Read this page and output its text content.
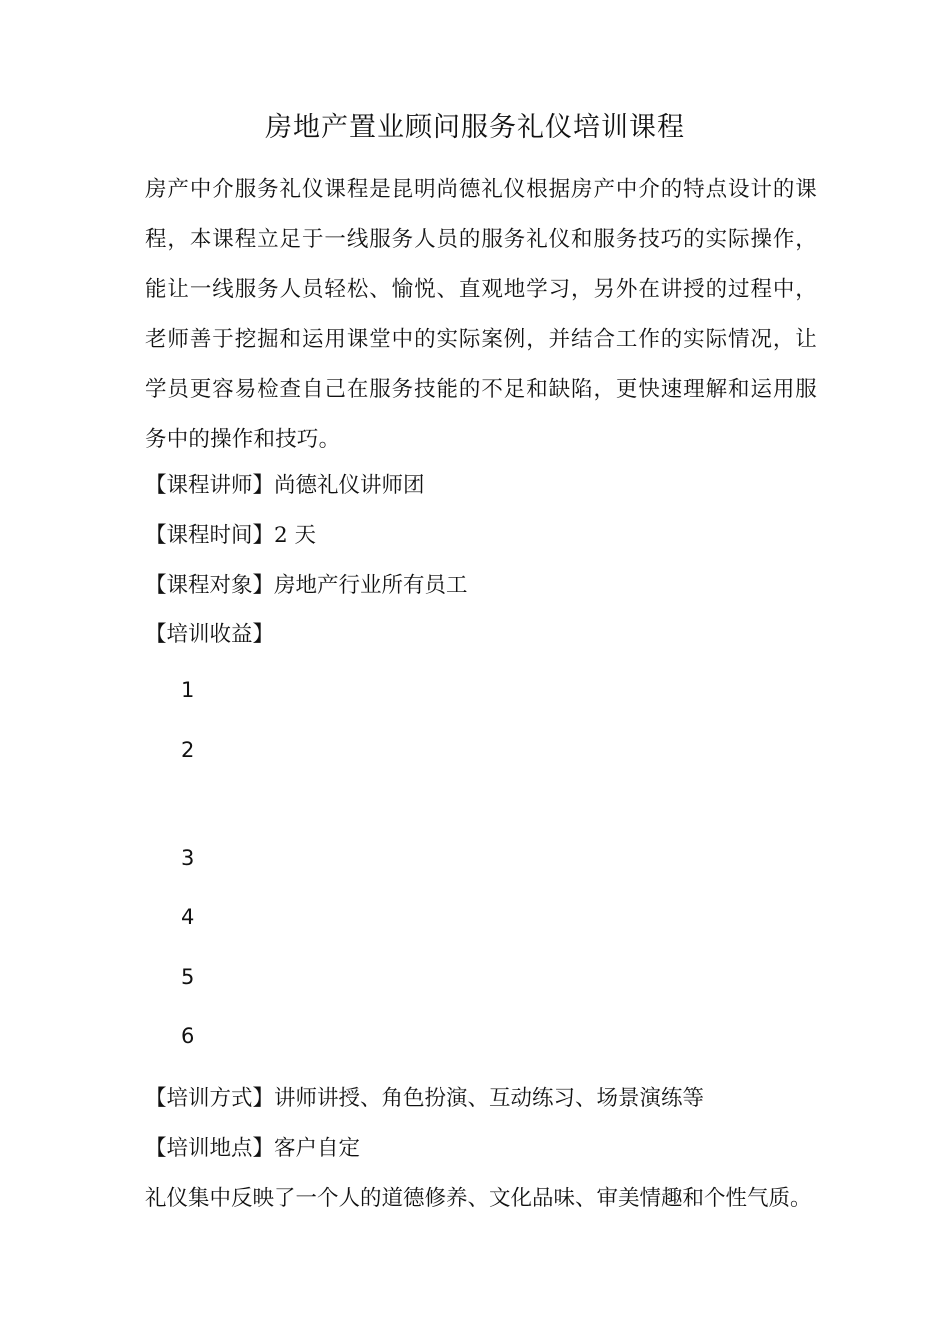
房地产置业顾问服务礼仪培训课程
房产中介服务礼仪课程是昆明尚德礼仪根据房产中介的特点设计的课程，本课程立足于一线服务人员的服务礼仪和服务技巧的实际操作，能让一线服务人员轻松、愉悦、直观地学习，另外在讲授的过程中，老师善于挖掘和运用课堂中的实际案例，并结合工作的实际情况，让学员更容易检查自己在服务技能的不足和缺陷，更快速理解和运用服务中的操作和技巧。
【课程讲师】尚德礼仪讲师团
【课程时间】2 天
【课程对象】房地产行业所有员工
【培训收益】
1
2
3
4
5
6
【培训方式】讲师讲授、角色扮演、互动练习、场景演练等
【培训地点】客户自定
礼仪集中反映了一个人的道德修养、文化品味、审美情趣和个性气质。
